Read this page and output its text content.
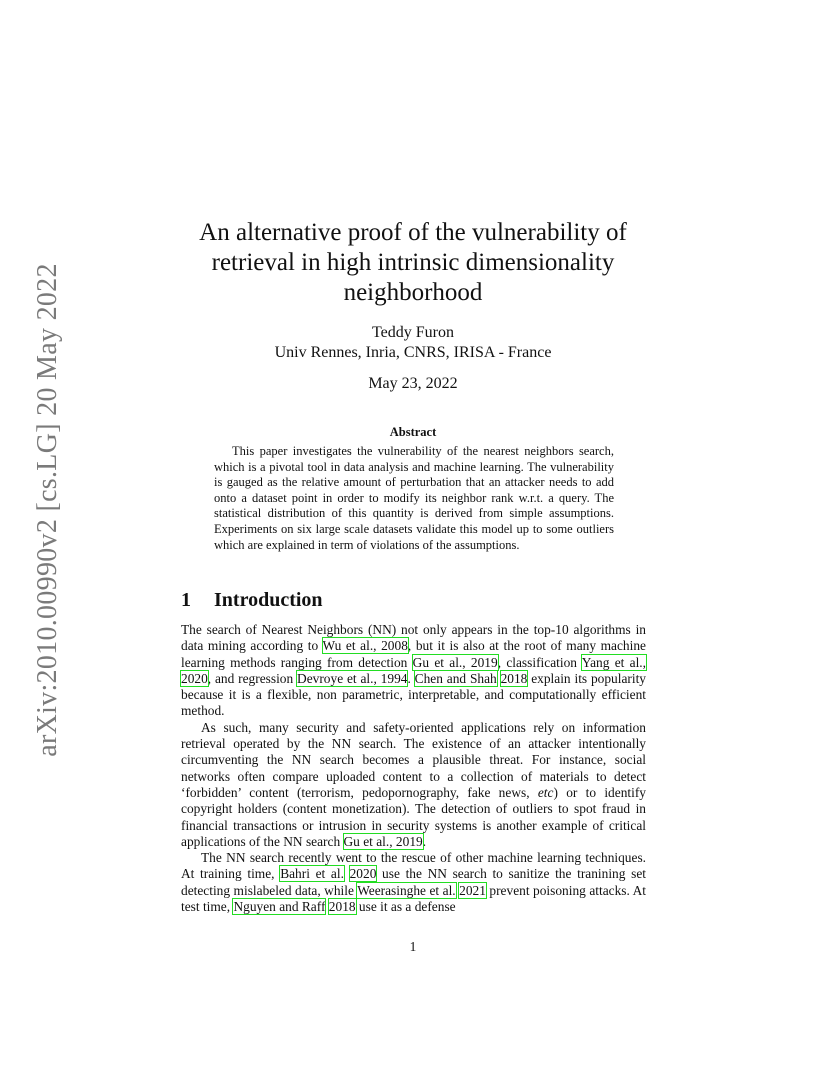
arXiv:2010.00990v2 [cs.LG] 20 May 2022
An alternative proof of the vulnerability of retrieval in high intrinsic dimensionality neighborhood
Teddy Furon
Univ Rennes, Inria, CNRS, IRISA - France
May 23, 2022
Abstract
This paper investigates the vulnerability of the nearest neighbors search, which is a pivotal tool in data analysis and machine learning. The vulnerability is gauged as the relative amount of perturbation that an attacker needs to add onto a dataset point in order to modify its neighbor rank w.r.t. a query. The statistical distribution of this quantity is derived from simple assumptions. Experiments on six large scale datasets validate this model up to some outliers which are explained in term of violations of the assumptions.
1 Introduction

The search of Nearest Neighbors (NN) not only appears in the top-10 algorithms in data mining according to Wu et al., 2008, but it is also at the root of many machine learning methods ranging from detection Gu et al., 2019, classification Yang et al., 2020, and regression Devroye et al., 1994. Chen and Shah 2018 explain its popularity because it is a flexible, non parametric, interpretable, and computationally efficient method.

As such, many security and safety-oriented applications rely on information retrieval operated by the NN search. The existence of an attacker intentionally circumventing the NN search becomes a plausible threat. For instance, social networks often compare uploaded content to a collection of materials to detect ‘forbidden’ content (terrorism, pedopornography, fake news, etc) or to identify copyright holders (content monetization). The detection of outliers to spot fraud in financial transactions or intrusion in security systems is another example of critical applications of the NN search Gu et al., 2019.

The NN search recently went to the rescue of other machine learning techniques. At training time, Bahri et al. 2020 use the NN search to sanitize the tranining set detecting mislabeled data, while Weerasinghe et al. 2021 prevent poisoning attacks. At test time, Nguyen and Raff 2018 use it as a defense

1
